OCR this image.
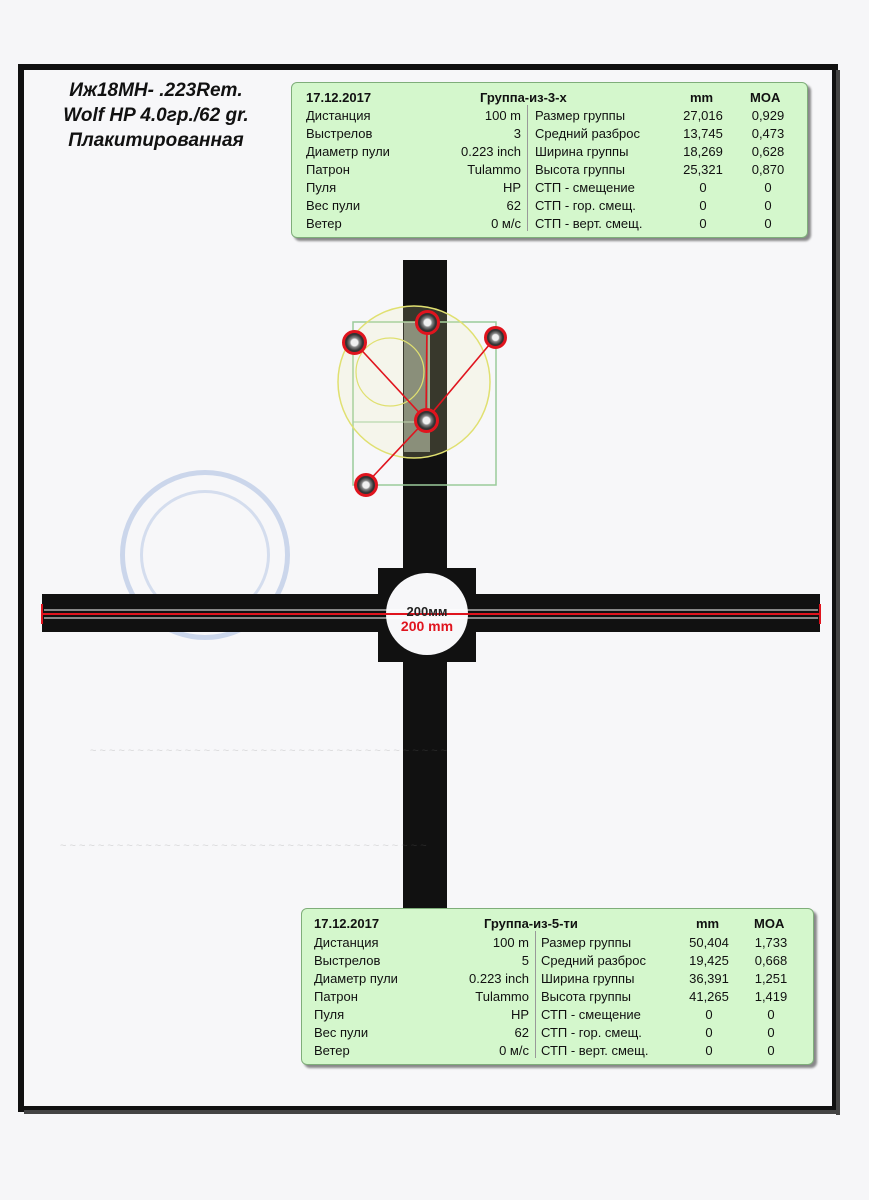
Иж18МН- .223Rem.
Wolf HP 4.0гр./62 gr.
Плакитированная
200мм
200 mm
~ ~ ~ ~ ~ ~ ~ ~ ~ ~ ~ ~ ~ ~ ~ ~ ~ ~ ~ ~ ~ ~ ~ ~ ~ ~ ~ ~ ~ ~ ~ ~ ~ ~ ~ ~ ~ ~
~ ~ ~ ~ ~ ~ ~ ~ ~ ~ ~ ~ ~ ~ ~ ~ ~ ~ ~ ~ ~ ~ ~ ~ ~ ~ ~ ~ ~ ~ ~ ~ ~ ~ ~ ~ ~ ~ ~
17.12.2017	Группа-из-3-х	mm	MOA
Дистанция	100 m Размер группы	27,016	0,929
Выстрелов	3 Средний разброс	13,745	0,473
Диаметр пули	0.223 inch Ширина группы	18,269	0,628
Патрон	Tulammo Высота группы	25,321	0,870
Пуля	HP СТП - смещение	0	0
Вес пули	62 СТП - гор. смещ.	0	0
Ветер	0 м/с СТП - верт. смещ.	0	0
17.12.2017	Группа-из-5-ти	mm	MOA
Дистанция	100 m Размер группы	50,404	1,733
Выстрелов	5 Средний разброс	19,425	0,668
Диаметр пули	0.223 inch Ширина группы	36,391	1,251
Патрон	Tulammo Высота группы	41,265	1,419
Пуля	HP СТП - смещение	0	0
Вес пули	62 СТП - гор. смещ.	0	0
Ветер	0 м/с СТП - верт. смещ.	0	0
